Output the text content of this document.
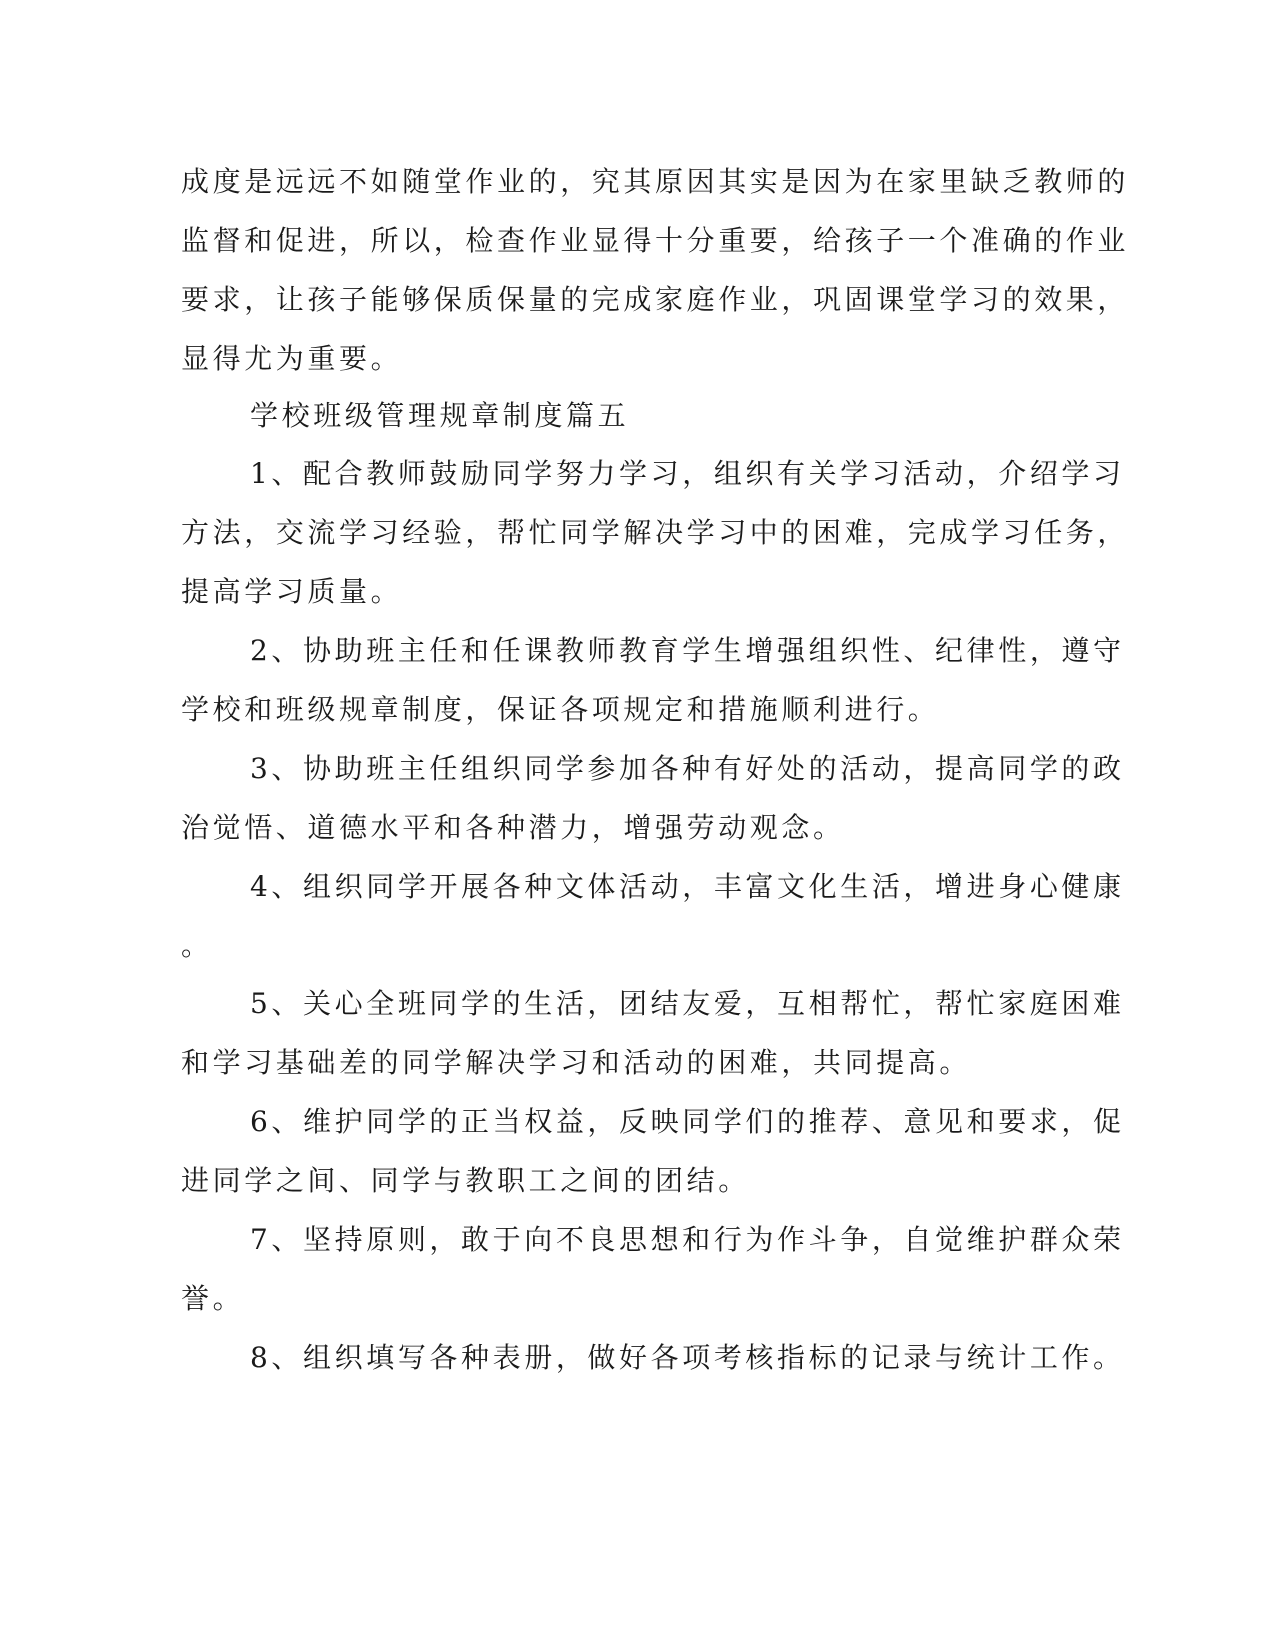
成度是远远不如随堂作业的，究其原因其实是因为在家里缺乏教师的
监督和促进，所以，检查作业显得十分重要，给孩子一个准确的作业
要求，让孩子能够保质保量的完成家庭作业，巩固课堂学习的效果，
显得尤为重要。
学校班级管理规章制度篇五
1、配合教师鼓励同学努力学习，组织有关学习活动，介绍学习
方法，交流学习经验，帮忙同学解决学习中的困难，完成学习任务，
提高学习质量。
2、协助班主任和任课教师教育学生增强组织性、纪律性，遵守
学校和班级规章制度，保证各项规定和措施顺利进行。
3、协助班主任组织同学参加各种有好处的活动，提高同学的政
治觉悟、道德水平和各种潜力，增强劳动观念。
4、组织同学开展各种文体活动，丰富文化生活，增进身心健康
。
5、关心全班同学的生活，团结友爱，互相帮忙，帮忙家庭困难
和学习基础差的同学解决学习和活动的困难，共同提高。
6、维护同学的正当权益，反映同学们的推荐、意见和要求，促
进同学之间、同学与教职工之间的团结。
7、坚持原则，敢于向不良思想和行为作斗争，自觉维护群众荣
誉。
8、组织填写各种表册，做好各项考核指标的记录与统计工作。
